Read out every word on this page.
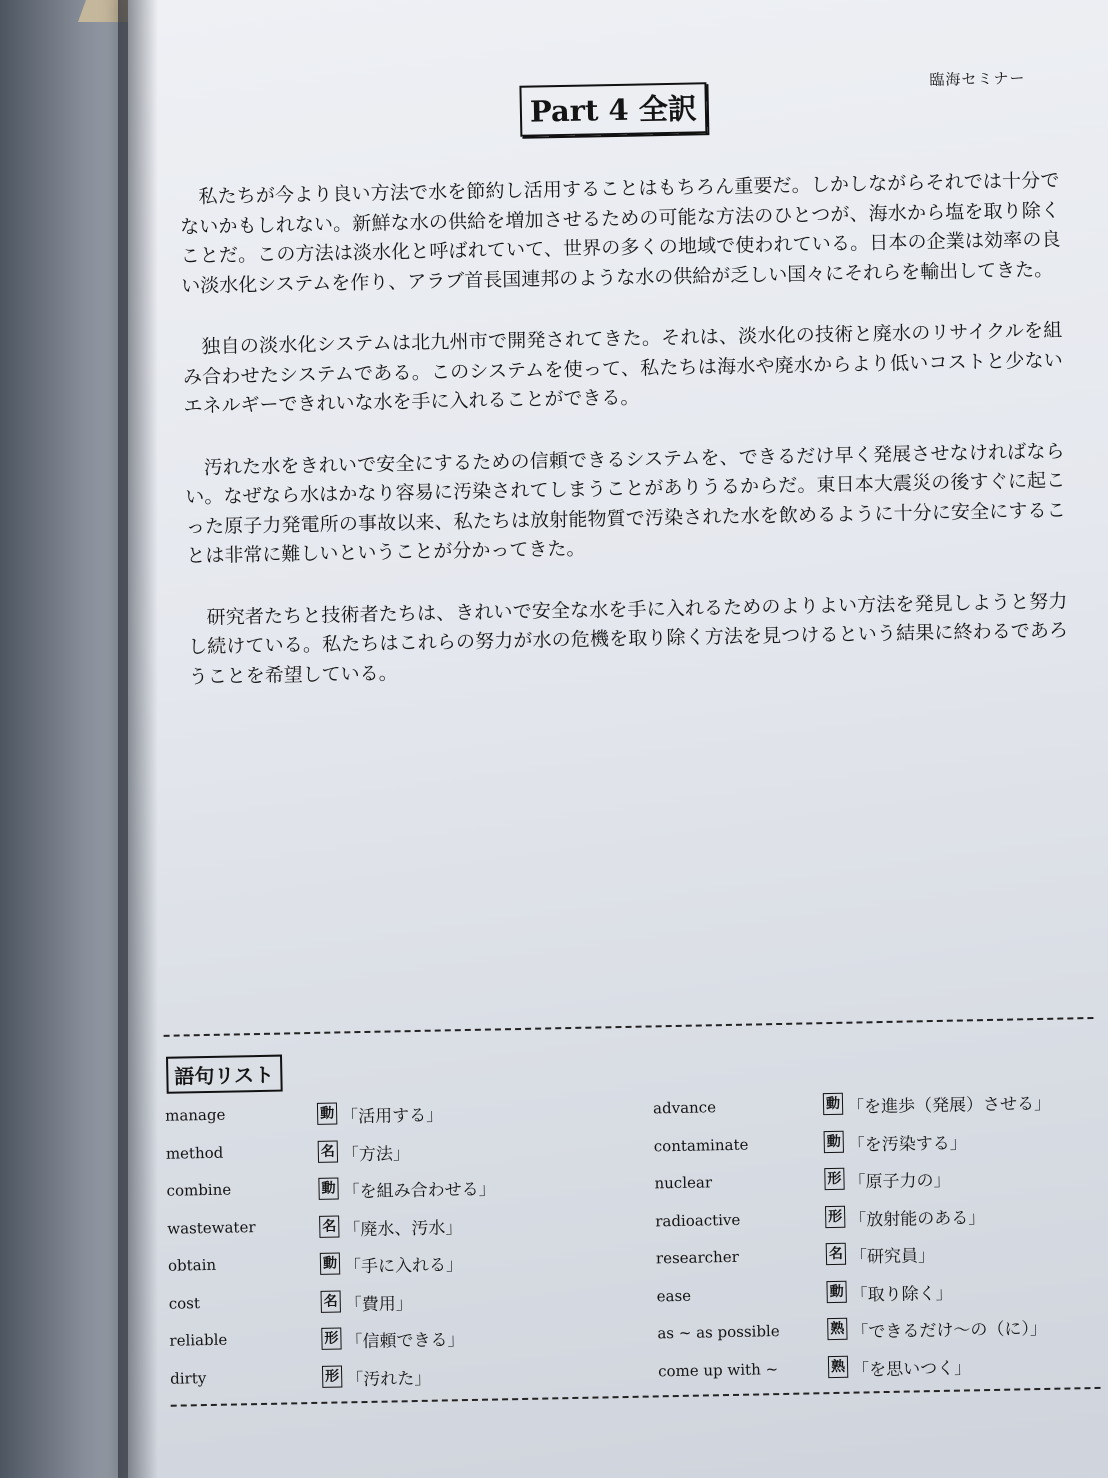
臨海セミナー
Part 4 全訳

私たちが今より良い方法で水を節約し活用することはもちろん重要だ。しかしながらそれでは十分でないかもしれない。新鮮な水の供給を増加させるための可能な方法のひとつが、海水から塩を取り除くことだ。この方法は淡水化と呼ばれていて、世界の多くの地域で使われている。日本の企業は効率の良い淡水化システムを作り、アラブ首長国連邦のような水の供給が乏しい国々にそれらを輸出してきた。

独自の淡水化システムは北九州市で開発されてきた。それは、淡水化の技術と廃水のリサイクルを組み合わせたシステムである。このシステムを使って、私たちは海水や廃水からより低いコストと少ないエネルギーできれいな水を手に入れることができる。

汚れた水をきれいで安全にするための信頼できるシステムを、できるだけ早く発展させなければならい。なぜなら水はかなり容易に汚染されてしまうことがありうるからだ。東日本大震災の後すぐに起こった原子力発電所の事故以来、私たちは放射能物質で汚染された水を飲めるように十分に安全にすることは非常に難しいということが分かってきた。

研究者たちと技術者たちは、きれいで安全な水を手に入れるためのよりよい方法を発見しようと努力し続けている。私たちはこれらの努力が水の危機を取り除く方法を見つけるという結果に終わるであろうことを希望している。

語句リスト
manage	動 「活用する」
method	名 「方法」
combine	動 「を組み合わせる」
wastewater	名 「廃水、汚水」
obtain	動 「手に入れる」
cost	名 「費用」
reliable	形 「信頼できる」
dirty	形 「汚れた」
advance	動 「を進歩（発展）させる」
contaminate	動 「を汚染する」
nuclear	形 「原子力の」
radioactive	形 「放射能のある」
researcher	名 「研究員」
ease	動 「取り除く」
as ~ as possible	熟 「できるだけ〜の（に）」
come up with ~	熟 「を思いつく」
